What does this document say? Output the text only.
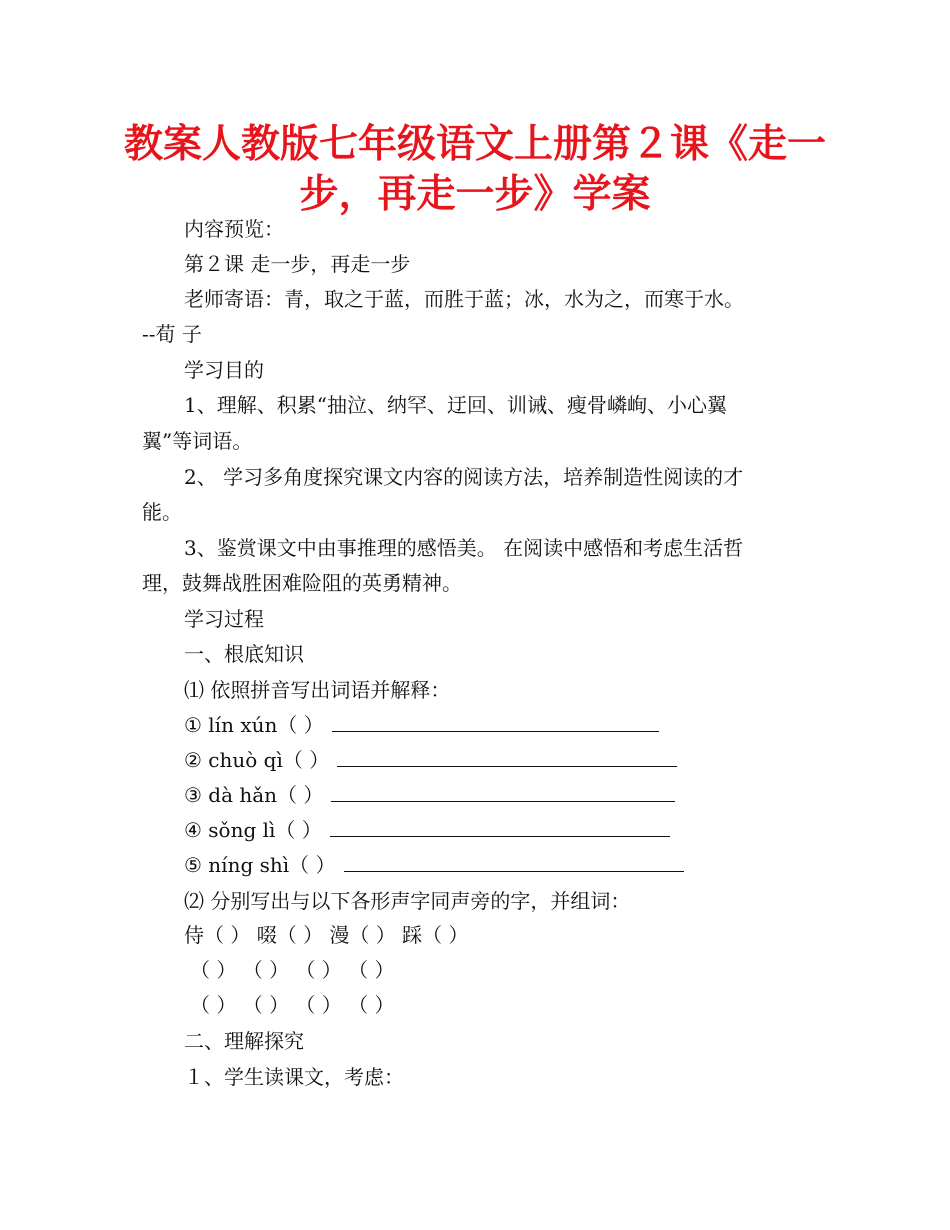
教案人教版七年级语文上册第２课《走一步，再走一步》学案
内容预览：
第２课 走一步，再走一步
老师寄语：青，取之于蓝，而胜于蓝；冰，水为之，而寒于水。
--荀 子
学习目的
1、理解、积累“抽泣、纳罕、迂回、训诫、瘦骨嶙峋、小心翼
翼”等词语。
2、 学习多角度探究课文内容的阅读方法，培养制造性阅读的才
能。
3、鉴赏课文中由事推理的感悟美。 在阅读中感悟和考虑生活哲
理，鼓舞战胜困难险阻的英勇精神。
学习过程
一、根底知识
⑴ 依照拼音写出词语并解释：
① lín xún（ ）
② chuò qì（ ）
③ dà hǎn（ ）
④ sǒng lì（ ）
⑤ níng shì（ ）
⑵ 分别写出与以下各形声字同声旁的字，并组词：
侍（ ） 啜（ ） 漫（ ） 踩（ ）
（ ） （ ） （ ） （ ）
（ ） （ ） （ ） （ ）
二、理解探究
１、学生读课文，考虑：
